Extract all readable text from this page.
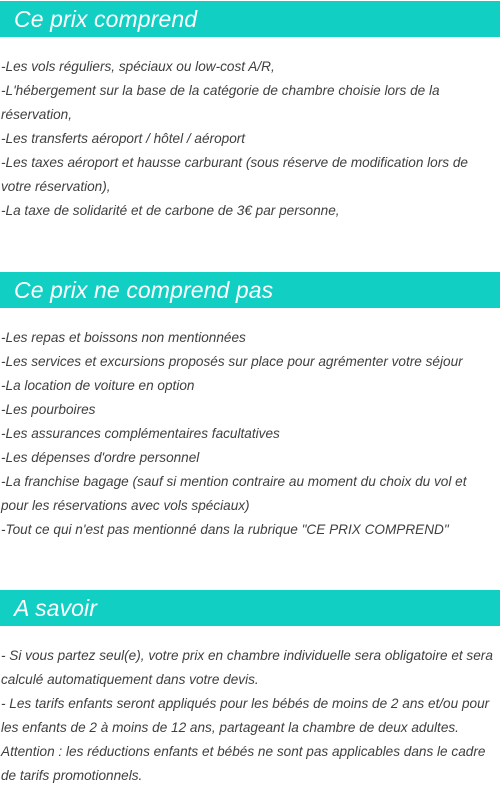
Ce prix comprend

-Les vols réguliers, spéciaux ou low-cost A/R,

-L'hébergement sur la base de la catégorie de chambre choisie lors de la réservation,

-Les transferts aéroport / hôtel / aéroport

-Les taxes aéroport et hausse carburant (sous réserve de modification lors de votre réservation),

-La taxe de solidarité et de carbone de 3€ par personne,

Ce prix ne comprend pas

-Les repas et boissons non mentionnées

-Les services et excursions proposés sur place pour agrémenter votre séjour

-La location de voiture en option

-Les pourboires

-Les assurances complémentaires facultatives

-Les dépenses d'ordre personnel

-La franchise bagage (sauf si mention contraire au moment du choix du vol et pour les réservations avec vols spéciaux)

-Tout ce qui n'est pas mentionné dans la rubrique "CE PRIX COMPREND"

A savoir

- Si vous partez seul(e), votre prix en chambre individuelle sera obligatoire et sera calculé automatiquement dans votre devis.

- Les tarifs enfants seront appliqués pour les bébés de moins de 2 ans et/ou pour les enfants de 2 à moins de 12 ans, partageant la chambre de deux adultes.

Attention : les réductions enfants et bébés ne sont pas applicables dans le cadre de tarifs promotionnels.
